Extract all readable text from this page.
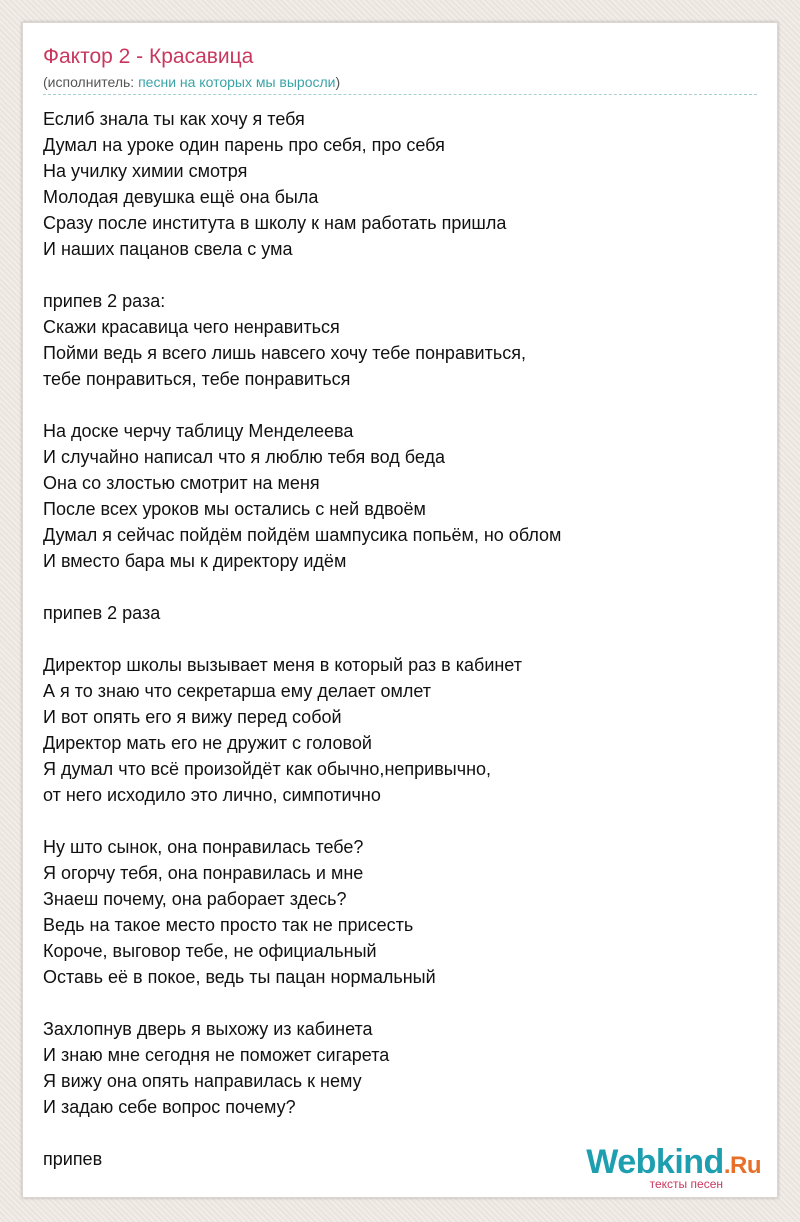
Фактор 2 - Красавица
(исполнитель: песни на которых мы выросли)
Еслиб знала ты как хочу я тебя
Думал на уроке один парень про себя, про себя
На училку химии смотря
Молодая девушка ещё она была
Сразу после института в школу к нам работать пришла
И наших пацанов свела с ума

припев 2 раза:
Скажи красавица чего ненравиться
Пойми ведь я всего лишь навсего хочу тебе понравиться,
тебе понравиться, тебе понравиться

На доске черчу таблицу Менделеева
И случайно написал что я люблю тебя вод беда
Она со злостью смотрит на меня
После всех уроков мы остались с ней вдвоём
Думал я сейчас пойдём пойдём шампусика попьём, но облом
И вместо бара мы к директору идём

припев 2 раза

Директор школы вызывает меня в который раз в кабинет
А я то знаю что секретарша ему делает омлет
И вот опять его я вижу перед собой
Директор мать его не дружит с головой
Я думал что всё произойдёт как обычно,непривычно,
от него исходило это лично, симпотично

Ну што сынок, она понравилась тебе?
Я огорчу тебя, она понравилась и мне
Знаеш почему, она раборает здесь?
Ведь на такое место просто так не присесть
Короче, выговор тебе, не официальный
Оставь её в покое, ведь ты пацан нормальный

Захлопнув дверь я выхожу из кабинета
И знаю мне сегодня не поможет сигарета
Я вижу она опять направилась к нему
И задаю себе вопрос почему?

припев	Webkind.Ru
тексты песен
